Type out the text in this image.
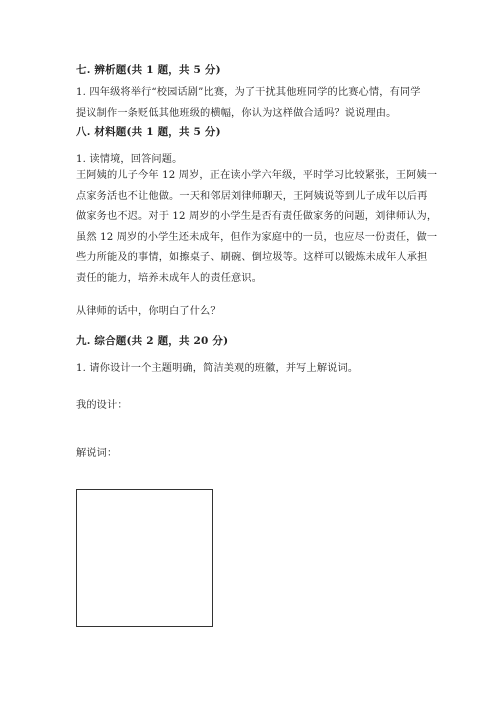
七. 辨析题(共 1 题，共 5 分)
1. 四年级将举行“校园话剧”比赛，为了干扰其他班同学的比赛心情，有同学
提议制作一条贬低其他班级的横幅，你认为这样做合适吗？说说理由。
八. 材料题(共 1 题，共 5 分)
1. 读情境，回答问题。
王阿姨的儿子今年 12 周岁，正在读小学六年级，平时学习比较紧张，王阿姨一
点家务活也不让他做。一天和邻居刘律师聊天，王阿姨说等到儿子成年以后再
做家务也不迟。对于 12 周岁的小学生是否有责任做家务的问题，刘律师认为，
虽然 12 周岁的小学生还未成年，但作为家庭中的一员，也应尽一份责任，做一
些力所能及的事情，如擦桌子、刷碗、倒垃圾等。这样可以锻炼未成年人承担
责任的能力，培养未成年人的责任意识。
从律师的话中，你明白了什么？
九. 综合题(共 2 题，共 20 分)
1. 请你设计一个主题明确，简洁美观的班徽，并写上解说词。
我的设计：
解说词：
